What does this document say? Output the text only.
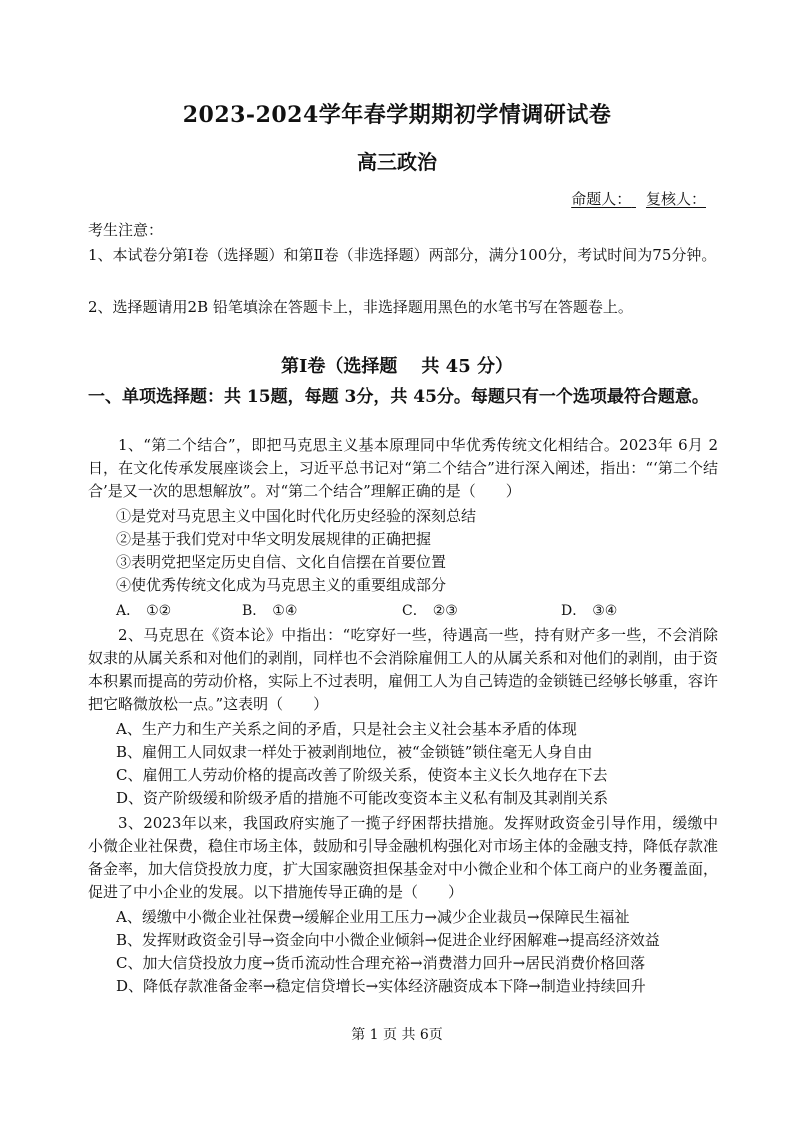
2023-2024学年春学期期初学情调研试卷
高三政治
命题人： 复核人：
考生注意：
1、本试卷分第Ⅰ卷（选择题）和第Ⅱ卷（非选择题）两部分，满分100分，考试时间为75分钟。
2、选择题请用2B 铅笔填涂在答题卡上，非选择题用黑色的水笔书写在答题卷上。
第Ⅰ卷（选择题 共 45 分）
一、单项选择题：共 15题，每题 3分，共 45分。每题只有一个选项最符合题意。
1、“第二个结合”，即把马克思主义基本原理同中华优秀传统文化相结合。2023年 6月 2日，在文化传承发展座谈会上，习近平总书记对“第二个结合”进行深入阐述，指出：“‘第二个结合’是又一次的思想解放”。对“第二个结合”理解正确的是（　　）
①是党对马克思主义中国化时代化历史经验的深刻总结
②是基于我们党对中华文明发展规律的正确把握
③表明党把坚定历史自信、文化自信摆在首要位置
④使优秀传统文化成为马克思主义的重要组成部分
A． ①②	B． ①④	C． ②③	D． ③④
2、马克思在《资本论》中指出：“吃穿好一些，待遇高一些，持有财产多一些，不会消除奴隶的从属关系和对他们的剥削，同样也不会消除雇佣工人的从属关系和对他们的剥削，由于资本积累而提高的劳动价格，实际上不过表明，雇佣工人为自己铸造的金锁链已经够长够重，容许把它略微放松一点。”这表明（　　）
A、生产力和生产关系之间的矛盾，只是社会主义社会基本矛盾的体现
B、雇佣工人同奴隶一样处于被剥削地位，被“金锁链”锁住毫无人身自由
C、雇佣工人劳动价格的提高改善了阶级关系，使资本主义长久地存在下去
D、资产阶级缓和阶级矛盾的措施不可能改变资本主义私有制及其剥削关系
3、2023年以来，我国政府实施了一揽子纾困帮扶措施。发挥财政资金引导作用，缓缴中小微企业社保费，稳住市场主体，鼓励和引导金融机构强化对市场主体的金融支持，降低存款准备金率，加大信贷投放力度，扩大国家融资担保基金对中小微企业和个体工商户的业务覆盖面，促进了中小企业的发展。以下措施传导正确的是（　　）
A、缓缴中小微企业社保费→缓解企业用工压力→减少企业裁员→保障民生福祉
B、发挥财政资金引导→资金向中小微企业倾斜→促进企业纾困解难→提高经济效益
C、加大信贷投放力度→货币流动性合理充裕→消费潜力回升→居民消费价格回落
D、降低存款准备金率→稳定信贷增长→实体经济融资成本下降→制造业持续回升
第 1 页 共 6页
